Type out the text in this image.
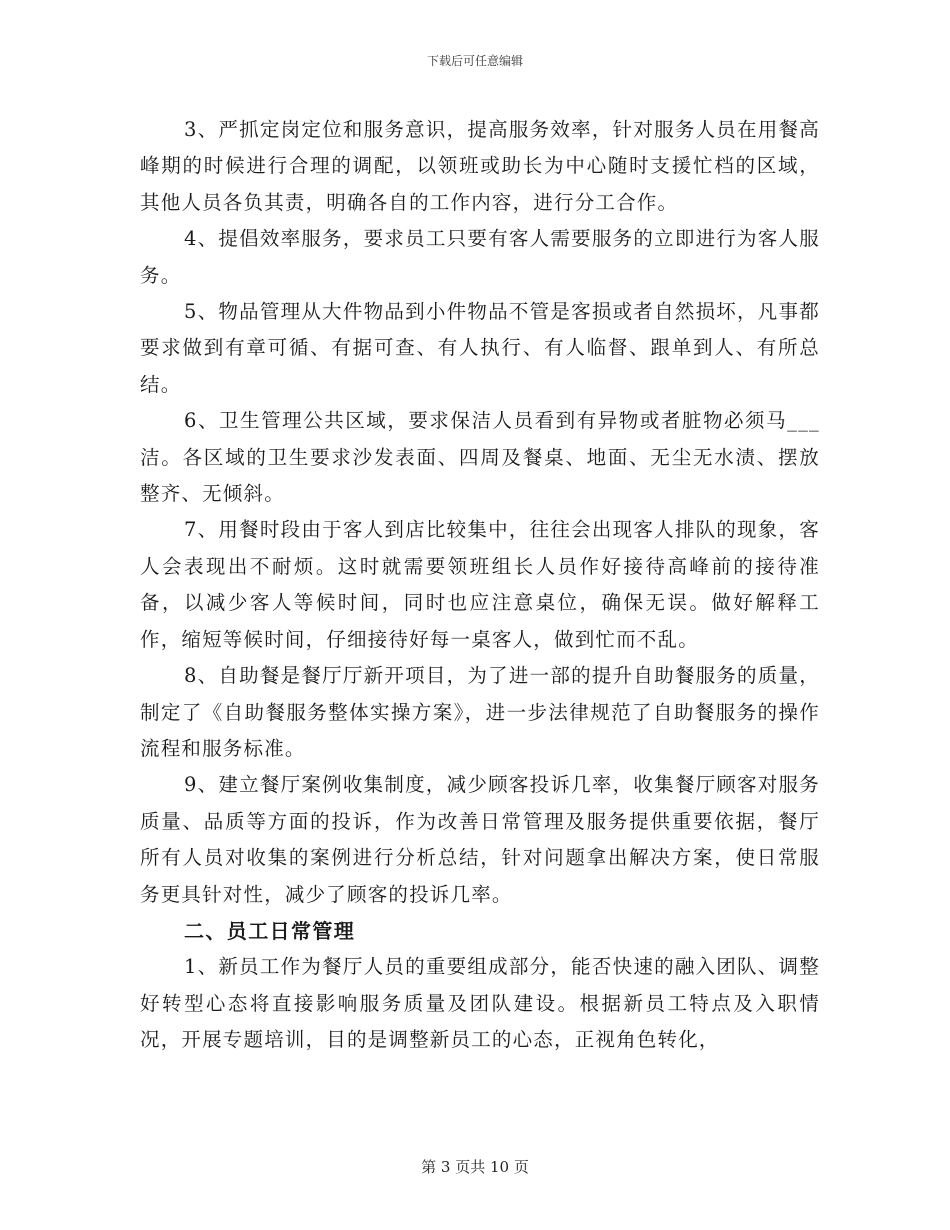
下载后可任意编辑

3、严抓定岗定位和服务意识，提高服务效率，针对服务人员在用餐高峰期的时候进行合理的调配，以领班或助长为中心随时支援忙档的区域，其他人员各负其责，明确各自的工作内容，进行分工合作。

4、提倡效率服务，要求员工只要有客人需要服务的立即进行为客人服务。

5、物品管理从大件物品到小件物品不管是客损或者自然损坏，凡事都要求做到有章可循、有据可查、有人执行、有人临督、跟单到人、有所总结。

6、卫生管理公共区域，要求保洁人员看到有异物或者脏物必须马___洁。各区域的卫生要求沙发表面、四周及餐桌、地面、无尘无水渍、摆放整齐、无倾斜。

7、用餐时段由于客人到店比较集中，往往会出现客人排队的现象，客人会表现出不耐烦。这时就需要领班组长人员作好接待高峰前的接待准备，以减少客人等候时间，同时也应注意桌位，确保无误。做好解释工作，缩短等候时间，仔细接待好每一桌客人，做到忙而不乱。

8、自助餐是餐厅厅新开项目，为了进一部的提升自助餐服务的质量，制定了《自助餐服务整体实操方案》，进一步法律规范了自助餐服务的操作流程和服务标准。

9、建立餐厅案例收集制度，减少顾客投诉几率，收集餐厅顾客对服务质量、品质等方面的投诉，作为改善日常管理及服务提供重要依据，餐厅所有人员对收集的案例进行分析总结，针对问题拿出解决方案，使日常服务更具针对性，减少了顾客的投诉几率。

二、员工日常管理

1、新员工作为餐厅人员的重要组成部分，能否快速的融入团队、调整好转型心态将直接影响服务质量及团队建设。根据新员工特点及入职情况，开展专题培训，目的是调整新员工的心态，正视角色转化，

第 3 页共 10 页
